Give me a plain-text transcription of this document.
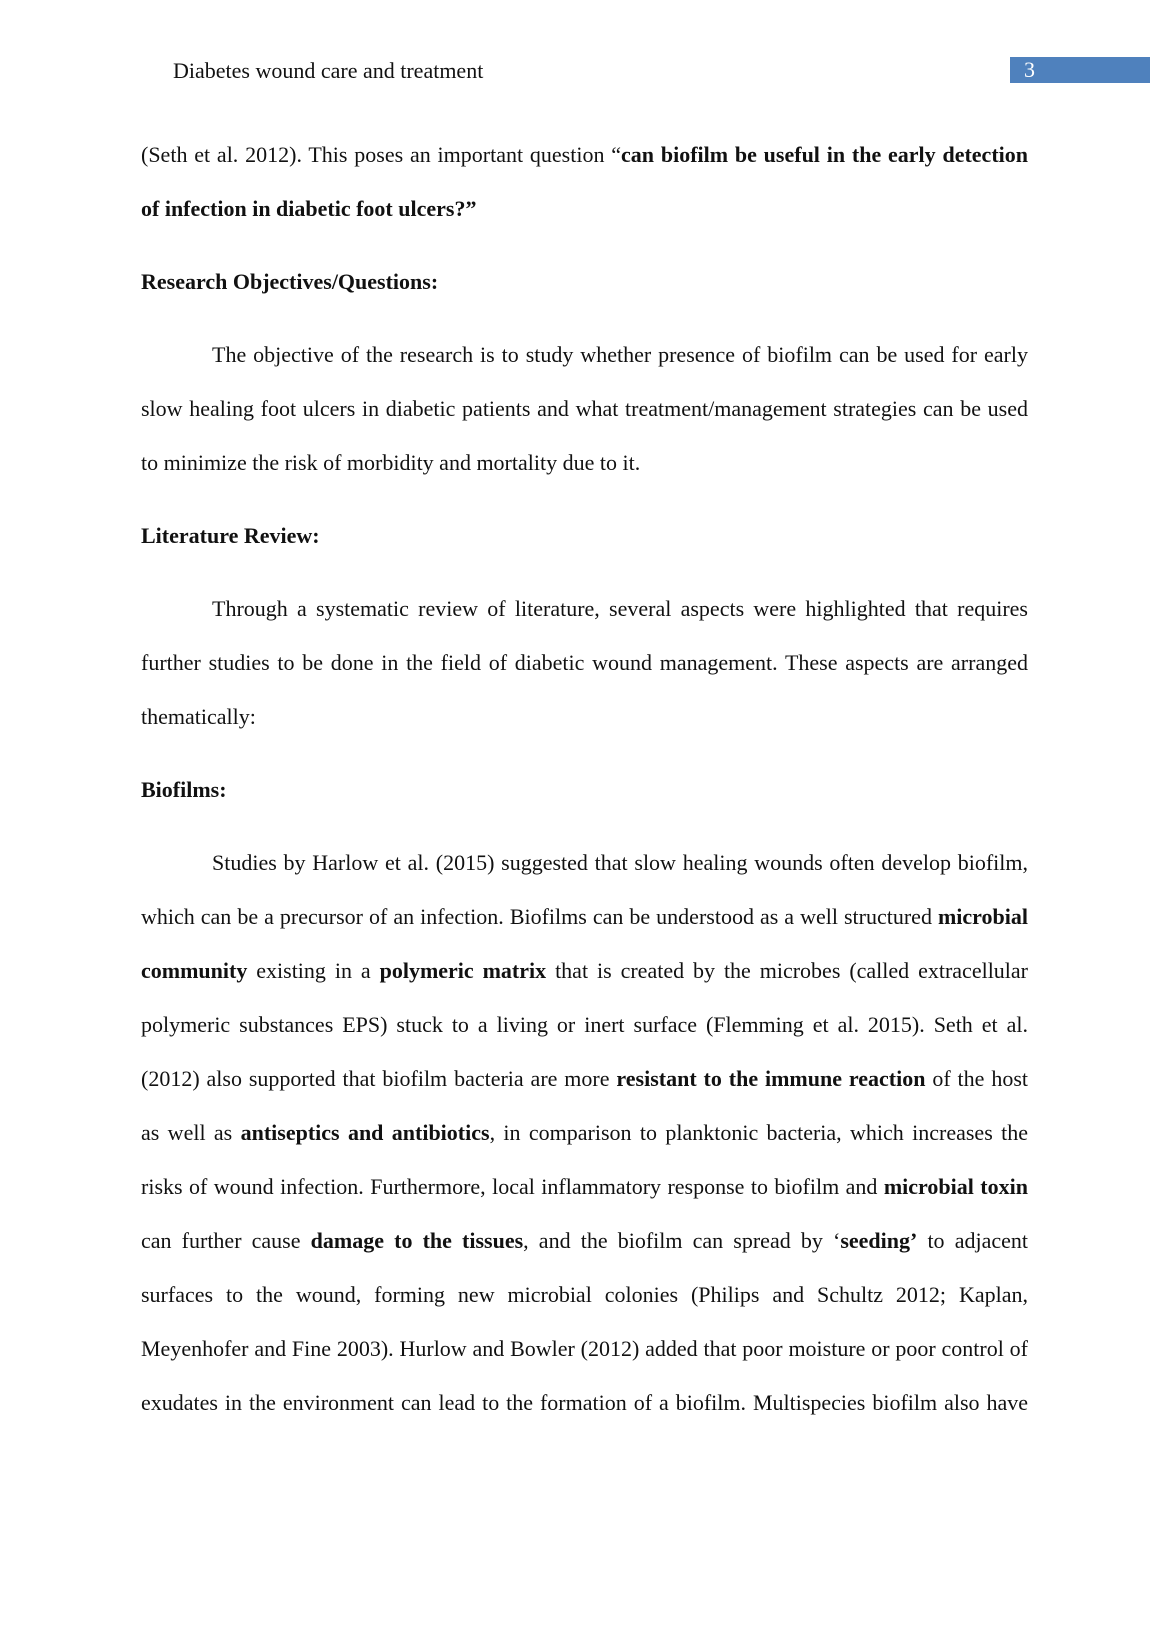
Diabetes wound care and treatment	3

(Seth et al. 2012). This poses an important question “can biofilm be useful in the early detection of infection in diabetic foot ulcers?”

Research Objectives/Questions:

The objective of the research is to study whether presence of biofilm can be used for early slow healing foot ulcers in diabetic patients and what treatment/management strategies can be used to minimize the risk of morbidity and mortality due to it.

Literature Review:

Through a systematic review of literature, several aspects were highlighted that requires further studies to be done in the field of diabetic wound management. These aspects are arranged thematically:

Biofilms:

Studies by Harlow et al. (2015) suggested that slow healing wounds often develop biofilm, which can be a precursor of an infection. Biofilms can be understood as a well structured microbial community existing in a polymeric matrix that is created by the microbes (called extracellular polymeric substances EPS) stuck to a living or inert surface (Flemming et al. 2015). Seth et al. (2012) also supported that biofilm bacteria are more resistant to the immune reaction of the host as well as antiseptics and antibiotics, in comparison to planktonic bacteria, which increases the risks of wound infection. Furthermore, local inflammatory response to biofilm and microbial toxin can further cause damage to the tissues, and the biofilm can spread by ‘seeding’ to adjacent surfaces to the wound, forming new microbial colonies (Philips and Schultz 2012; Kaplan, Meyenhofer and Fine 2003). Hurlow and Bowler (2012) added that poor moisture or poor control of exudates in the environment can lead to the formation of a biofilm. Multispecies biofilm also have
